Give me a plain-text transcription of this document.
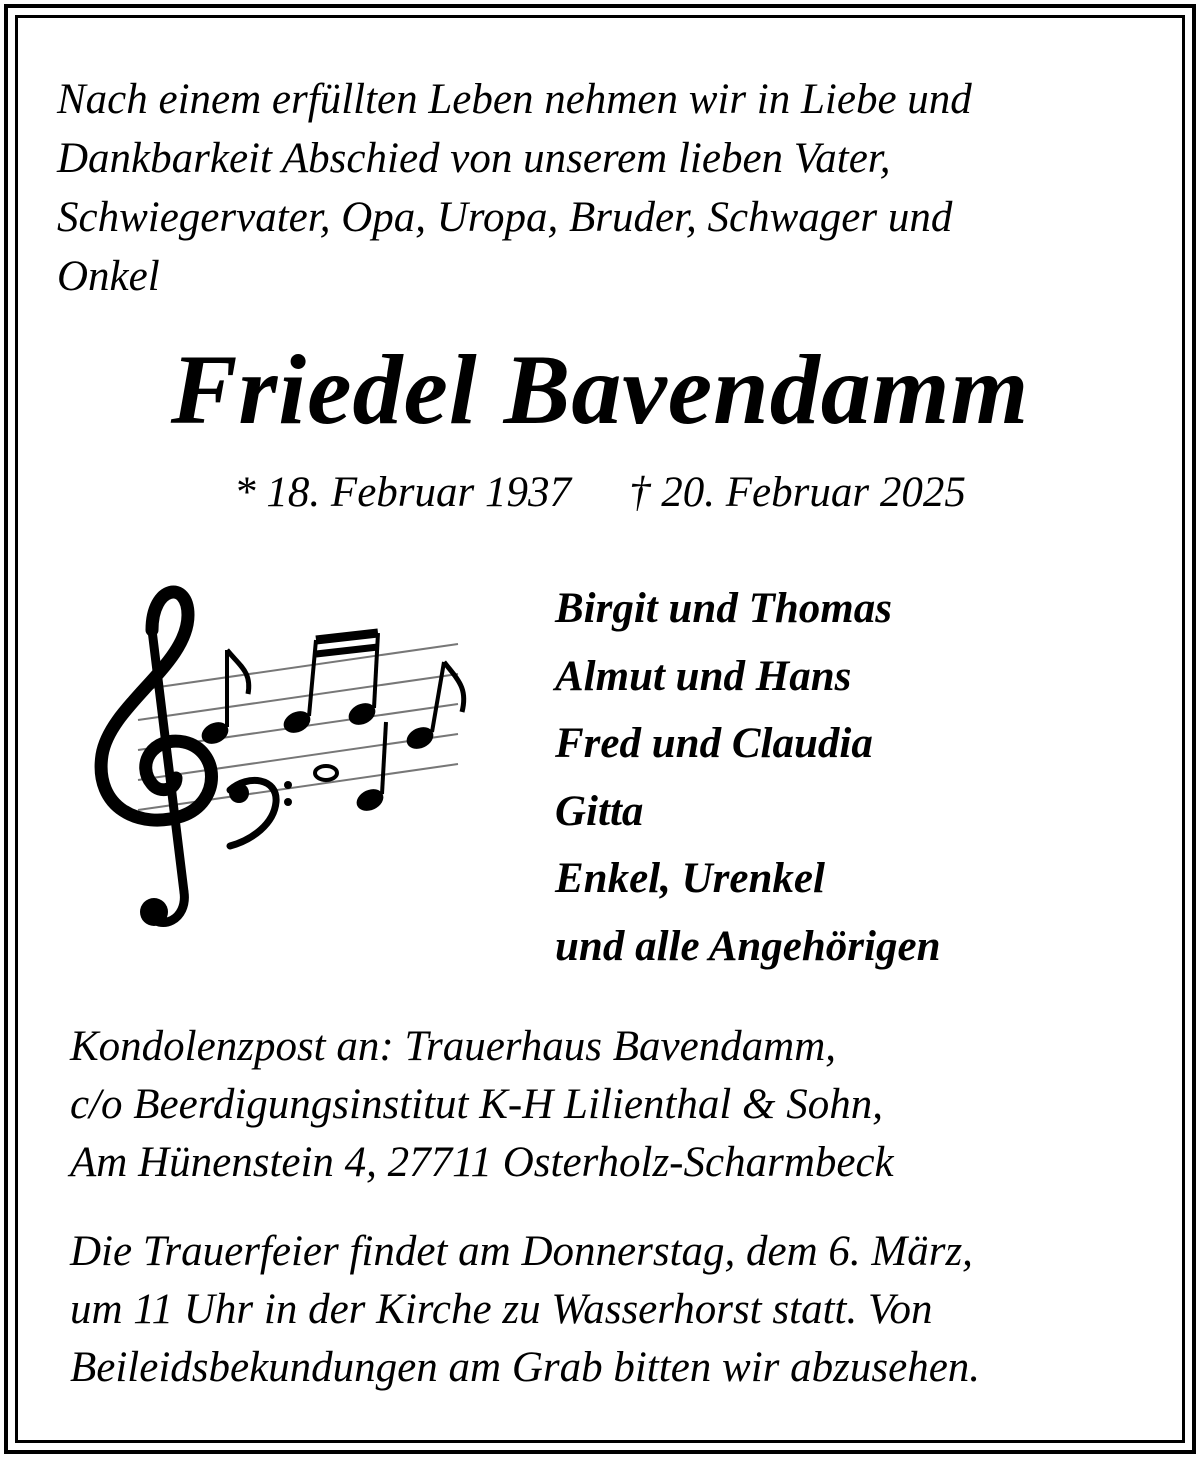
Nach einem erfüllten Leben nehmen wir in Liebe und
Dankbarkeit Abschied von unserem lieben Vater,
Schwiegervater, Opa, Uropa, Bruder, Schwager und
Onkel

Friedel Bavendamm

* 18. Februar 1937 † 20. Februar 2025

Birgit und Thomas
Almut und Hans
Fred und Claudia
Gitta
Enkel, Urenkel
und alle Angehörigen

Kondolenzpost an: Trauerhaus Bavendamm,
c/o Beerdigungsinstitut K-H Lilienthal & Sohn,
Am Hünenstein 4, 27711 Osterholz-Scharmbeck

Die Trauerfeier findet am Donnerstag, dem 6. März,
um 11 Uhr in der Kirche zu Wasserhorst statt. Von
Beileidsbekundungen am Grab bitten wir abzusehen.
